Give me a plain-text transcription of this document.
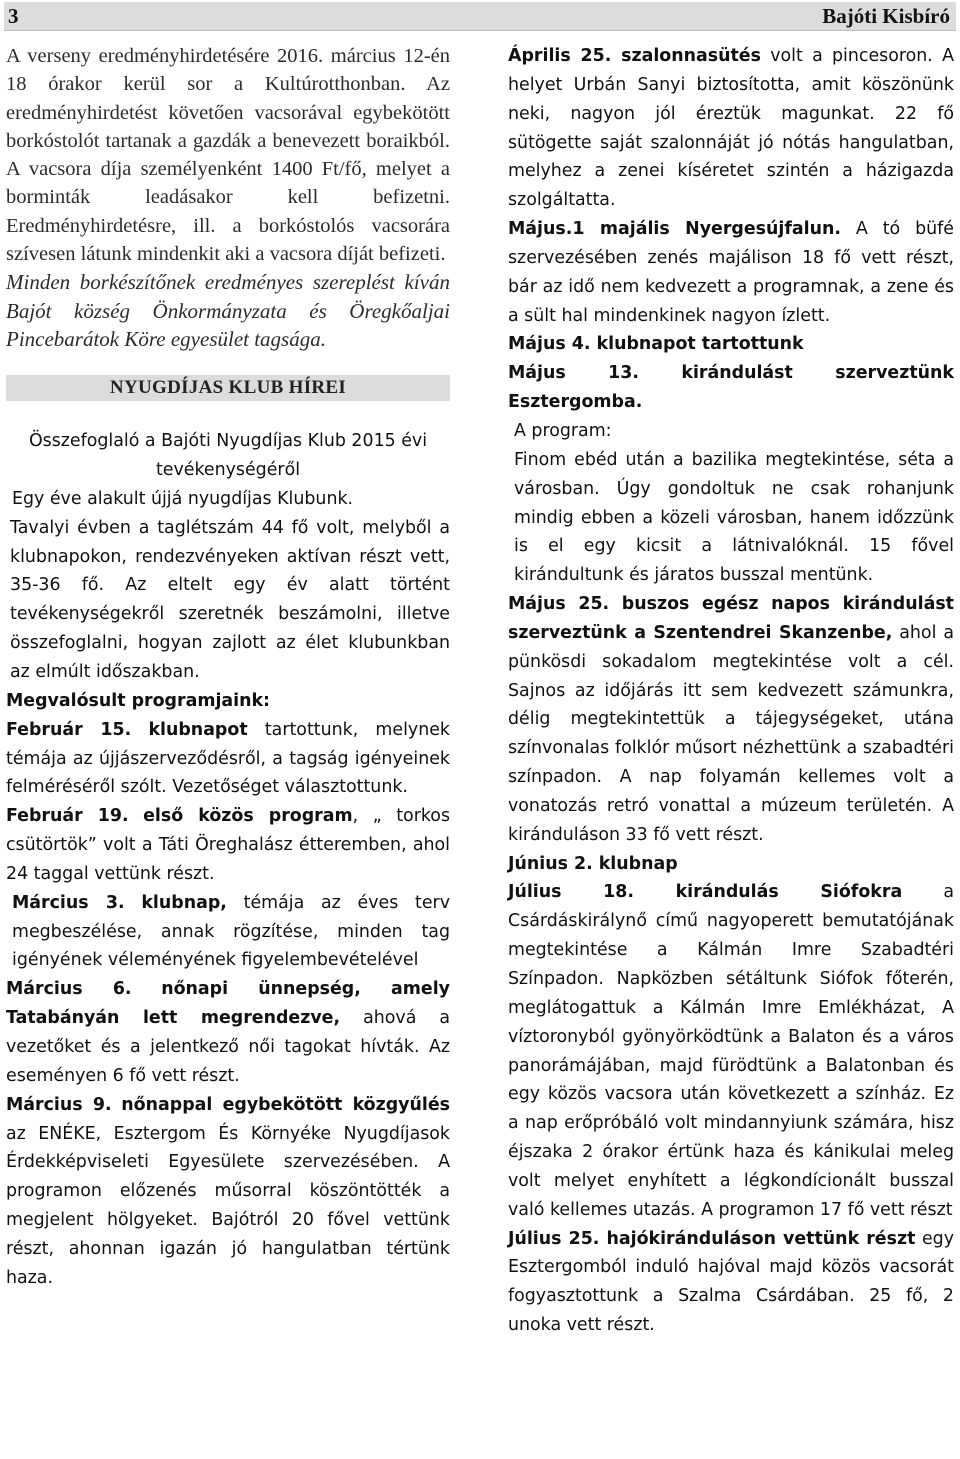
3	Bajóti Kisbíró

A verseny eredményhirdetésére 2016. március 12-én 18 órakor kerül sor a Kultúrotthonban. Az eredményhirdetést követően vacsorával egybekötött borkóstolót tartanak a gazdák a benevezett boraikból. A vacsora díja személyenként 1400 Ft/fő, melyet a borminták leadásakor kell befizetni. Eredményhirdetésre, ill. a borkóstolós vacsorára szívesen látunk mindenkit aki a vacsora díját befizeti.

Minden borkészítőnek eredményes szereplést kíván Bajót község Önkormányzata és Öregkőaljai Pincebarátok Köre egyesület tagsága.

NYUGDÍJAS KLUB HÍREI
Összefoglaló a Bajóti Nyugdíjas Klub 2015 évi tevékenységéről

Egy éve alakult újjá nyugdíjas Klubunk.

Tavalyi évben a taglétszám 44 fő volt, melyből a klubnapokon, rendezvényeken aktívan részt vett, 35-36 fő. Az eltelt egy év alatt történt tevékenységekről szeretnék beszámolni, illetve összefoglalni, hogyan zajlott az élet klubunkban az elmúlt időszakban.

Megvalósult programjaink:

Február 15. klubnapot tartottunk, melynek témája az újjászerveződésről, a tagság igényeinek felméréséről szólt. Vezetőséget választottunk.

Február 19. első közös program, „ torkos csütörtök” volt a Táti Öreghalász étteremben, ahol 24 taggal vettünk részt.

Március 3. klubnap, témája az éves terv megbeszélése, annak rögzítése, minden tag igényének véleményének figyelembevételével

Március 6. nőnapi ünnepség, amely Tatabányán lett megrendezve, ahová a vezetőket és a jelentkező női tagokat hívták. Az eseményen 6 fő vett részt.

Március 9. nőnappal egybekötött közgyűlés az ENÉKE, Esztergom És Környéke Nyugdíjasok Érdekképviseleti Egyesülete szervezésében. A programon előzenés műsorral köszöntötték a megjelent hölgyeket. Bajótról 20 fővel vettünk részt, ahonnan igazán jó hangulatban tértünk haza.

Április 25. szalonnasütés volt a pincesoron. A helyet Urbán Sanyi biztosította, amit köszönünk neki, nagyon jól éreztük magunkat. 22 fő sütögette saját szalonnáját jó nótás hangulatban, melyhez a zenei kíséretet szintén a házigazda szolgáltatta.

Május.1 majális Nyergesújfalun. A tó büfé szervezésében zenés majálison 18 fő vett részt, bár az idő nem kedvezett a programnak, a zene és a sült hal mindenkinek nagyon ízlett.

Május 4. klubnapot tartottunk

Május 13. kirándulást szerveztünk Esztergomba.

A program:

Finom ebéd után a bazilika megtekintése, séta a városban. Úgy gondoltuk ne csak rohanjunk mindig ebben a közeli városban, hanem időzzünk is el egy kicsit a látnivalóknál. 15 fővel kirándultunk és járatos busszal mentünk.

Május 25. buszos egész napos kirándulást szerveztünk a Szentendrei Skanzenbe, ahol a pünkösdi sokadalom megtekintése volt a cél. Sajnos az időjárás itt sem kedvezett számunkra, délig megtekintettük a tájegységeket, utána színvonalas folklór műsort nézhettünk a szabadtéri színpadon. A nap folyamán kellemes volt a vonatozás retró vonattal a múzeum területén. A kiránduláson 33 fő vett részt.

Június 2. klubnap

Július 18. kirándulás Siófokra a Csárdáskirálynő című nagyoperett bemutatójának megtekintése a Kálmán Imre Szabadtéri Színpadon. Napközben sétáltunk Siófok főterén, meglátogattuk a Kálmán Imre Emlékházat, A víztoronyból gyönyörködtünk a Balaton és a város panorámájában, majd fürödtünk a Balatonban és egy közös vacsora után következett a színház. Ez a nap erőpróbáló volt mindannyiunk számára, hisz éjszaka 2 órakor értünk haza és kánikulai meleg volt melyet enyhített a légkondícionált busszal való kellemes utazás. A programon 17 fő vett részt

Július 25. hajókiránduláson vettünk részt egy Esztergomból induló hajóval majd közös vacsorát fogyasztottunk a Szalma Csárdában. 25 fő, 2 unoka vett részt.
